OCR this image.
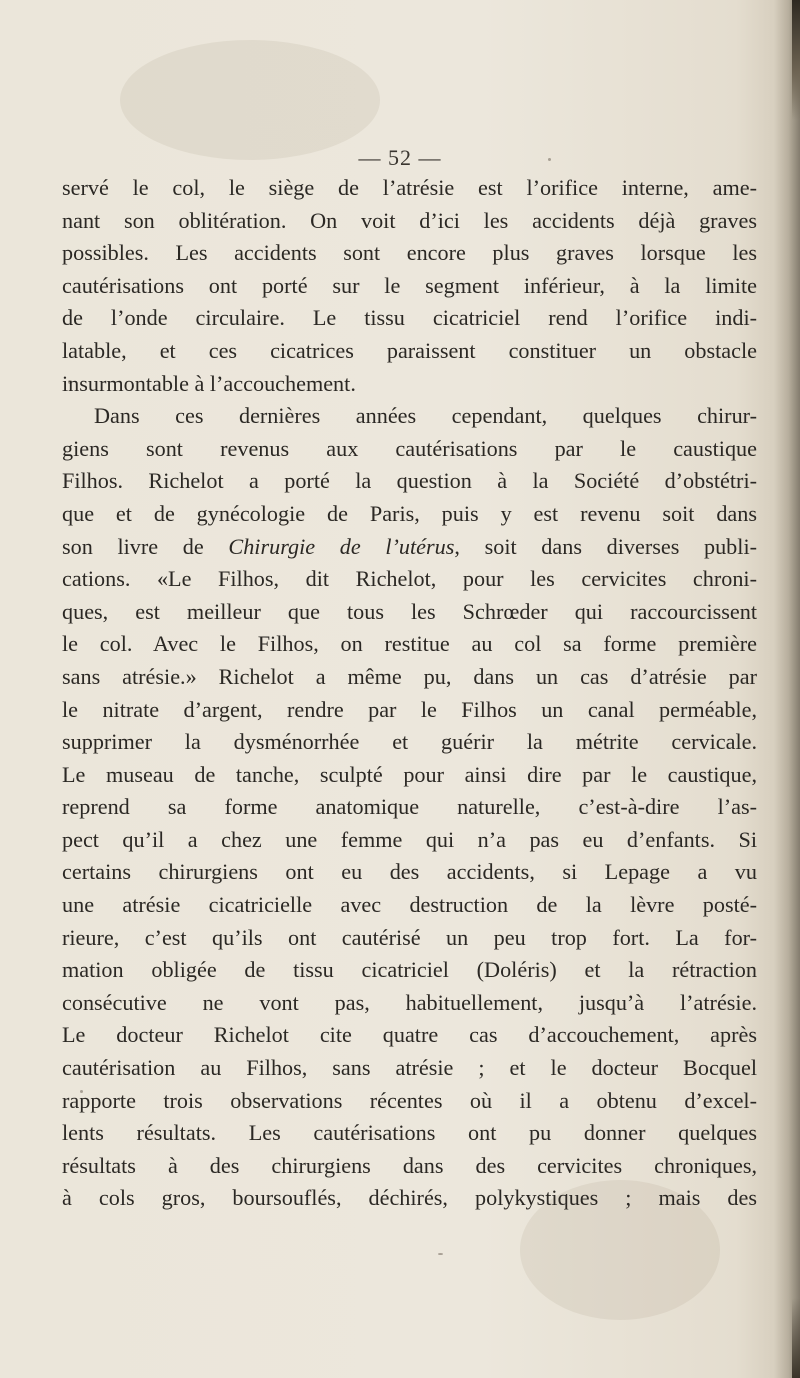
— 52 —
servé le col, le siège de l’atrésie est l’orifice interne, ame-
nant son oblitération. On voit d’ici les accidents déjà graves
possibles. Les accidents sont encore plus graves lorsque les
cautérisations ont porté sur le segment inférieur, à la limite
de l’onde circulaire. Le tissu cicatriciel rend l’orifice indi-
latable, et ces cicatrices paraissent constituer un obstacle
insurmontable à l’accouchement.
Dans ces dernières années cependant, quelques chirur-
giens sont revenus aux cautérisations par le caustique
Filhos. Richelot a porté la question à la Société d’obstétri-
que et de gynécologie de Paris, puis y est revenu soit dans
son livre de Chirurgie de l’utérus, soit dans diverses publi-
cations. «Le Filhos, dit Richelot, pour les cervicites chroni-
ques, est meilleur que tous les Schrœder qui raccourcissent
le col. Avec le Filhos, on restitue au col sa forme première
sans atrésie.» Richelot a même pu, dans un cas d’atrésie par
le nitrate d’argent, rendre par le Filhos un canal perméable,
supprimer la dysménorrhée et guérir la métrite cervicale.
Le museau de tanche, sculpté pour ainsi dire par le caustique,
reprend sa forme anatomique naturelle, c’est-à-dire l’as-
pect qu’il a chez une femme qui n’a pas eu d’enfants. Si
certains chirurgiens ont eu des accidents, si Lepage a vu
une atrésie cicatricielle avec destruction de la lèvre posté-
rieure, c’est qu’ils ont cautérisé un peu trop fort. La for-
mation obligée de tissu cicatriciel (Doléris) et la rétraction
consécutive ne vont pas, habituellement, jusqu’à l’atrésie.
Le docteur Richelot cite quatre cas d’accouchement, après
cautérisation au Filhos, sans atrésie ; et le docteur Bocquel
rapporte trois observations récentes où il a obtenu d’excel-
lents résultats. Les cautérisations ont pu donner quelques
résultats à des chirurgiens dans des cervicites chroniques,
à cols gros, boursouflés, déchirés, polykystiques ; mais des
